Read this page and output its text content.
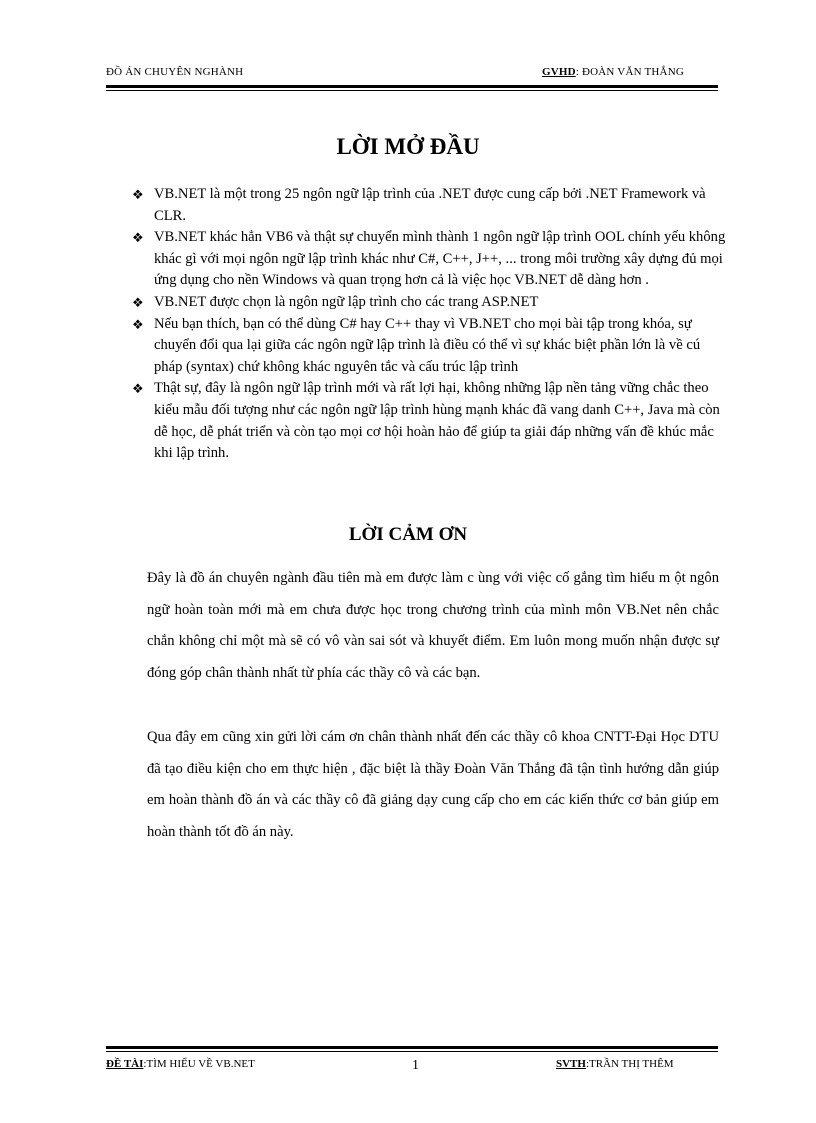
ĐỒ ÁN CHUYÊN NGHÀNH	GVHD: ĐOÀN VĂN THẮNG
LỜI MỞ ĐẦU
❖ VB.NET là một trong 25 ngôn ngữ lập trình của .NET được cung cấp bởi .NET Framework và CLR.
❖ VB.NET khác hẳn VB6 và thật sự chuyển mình thành 1 ngôn ngữ lập trình OOL chính yếu không khác gì với mọi ngôn ngữ lập trình khác như C#, C++, J++, ... trong môi trường xây dựng đủ mọi ứng dụng cho nền Windows và quan trọng hơn cả là việc học VB.NET dễ dàng hơn .
❖ VB.NET được chọn là ngôn ngữ lập trình cho các trang ASP.NET
❖ Nếu bạn thích, bạn có thể dùng C# hay C++ thay vì VB.NET cho mọi bài tập trong khóa, sự chuyển đổi qua lại giữa các ngôn ngữ lập trình là điều có thể vì sự khác biệt phần lớn là về cú pháp (syntax) chứ không khác nguyên tắc và cấu trúc lập trình
❖ Thật sự, đây là ngôn ngữ lập trình mới và rất lợi hại, không những lập nền tảng vững chắc theo kiểu mẫu đối tượng như các ngôn ngữ lập trình hùng mạnh khác đã vang danh C++, Java mà còn dễ học, dễ phát triển và còn tạo mọi cơ hội hoàn hảo để giúp ta giải đáp những vấn đề khúc mắc khi lập trình.
LỜI CẢM ƠN

Đây là đồ án chuyên ngành đầu tiên mà em được làm c ùng với việc cố gắng tìm hiểu m ột ngôn ngữ hoàn toàn mới mà em chưa được học trong chương trình của mình môn VB.Net nên chắc chắn không chỉ một mà sẽ có vô vàn sai sót và khuyết điểm. Em luôn mong muốn nhận được sự đóng góp chân thành nhất từ phía các thầy cô và các bạn.

Qua đây em cũng xin gửi lời cám ơn chân thành nhất đến các thầy cô khoa CNTT-Đại Học DTU đã tạo điều kiện cho em thực hiện , đặc biệt là thầy Đoàn Văn Thắng đã tận tình hướng dẫn giúp em hoàn thành đồ án và các thầy cô đã giảng dạy cung cấp cho em các kiến thức cơ bản giúp em hoàn thành tốt đồ án này.

ĐỀ TÀI:TÌM HIỂU VỀ VB.NET	1	SVTH:TRẦN THỊ THÊM
